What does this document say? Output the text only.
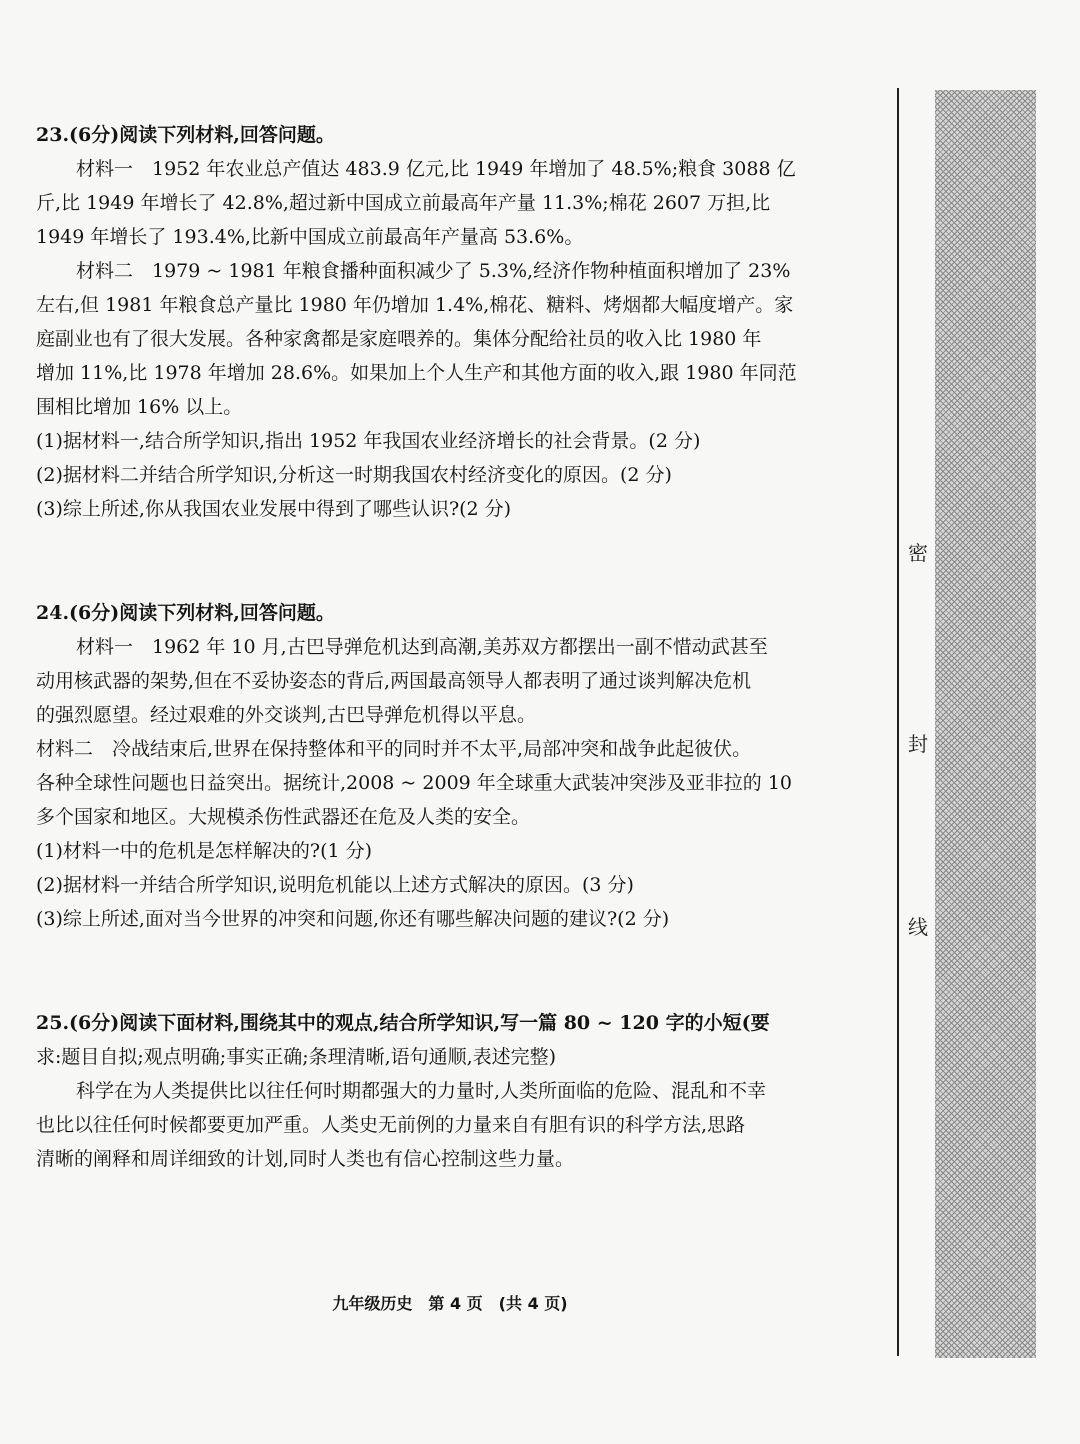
23.(6分)阅读下列材料,回答问题。
材料一　1952 年农业总产值达 483.9 亿元,比 1949 年增加了 48.5%;粮食 3088 亿
斤,比 1949 年增长了 42.8%,超过新中国成立前最高年产量 11.3%;棉花 2607 万担,比
1949 年增长了 193.4%,比新中国成立前最高年产量高 53.6%。
材料二　1979 ~ 1981 年粮食播种面积减少了 5.3%,经济作物种植面积增加了 23%
左右,但 1981 年粮食总产量比 1980 年仍增加 1.4%,棉花、糖料、烤烟都大幅度增产。家
庭副业也有了很大发展。各种家禽都是家庭喂养的。集体分配给社员的收入比 1980 年
增加 11%,比 1978 年增加 28.6%。如果加上个人生产和其他方面的收入,跟 1980 年同范
围相比增加 16% 以上。
(1)据材料一,结合所学知识,指出 1952 年我国农业经济增长的社会背景。(2 分)
(2)据材料二并结合所学知识,分析这一时期我国农村经济变化的原因。(2 分)
(3)综上所述,你从我国农业发展中得到了哪些认识?(2 分)
24.(6分)阅读下列材料,回答问题。
材料一　1962 年 10 月,古巴导弹危机达到高潮,美苏双方都摆出一副不惜动武甚至
动用核武器的架势,但在不妥协姿态的背后,两国最高领导人都表明了通过谈判解决危机
的强烈愿望。经过艰难的外交谈判,古巴导弹危机得以平息。
材料二　冷战结束后,世界在保持整体和平的同时并不太平,局部冲突和战争此起彼伏。
各种全球性问题也日益突出。据统计,2008 ~ 2009 年全球重大武装冲突涉及亚非拉的 10
多个国家和地区。大规模杀伤性武器还在危及人类的安全。
(1)材料一中的危机是怎样解决的?(1 分)
(2)据材料一并结合所学知识,说明危机能以上述方式解决的原因。(3 分)
(3)综上所述,面对当今世界的冲突和问题,你还有哪些解决问题的建议?(2 分)
25.(6分)阅读下面材料,围绕其中的观点,结合所学知识,写一篇 80 ~ 120 字的小短(要
求:题目自拟;观点明确;事实正确;条理清晰,语句通顺,表述完整)
科学在为人类提供比以往任何时期都强大的力量时,人类所面临的危险、混乱和不幸
也比以往任何时候都要更加严重。人类史无前例的力量来自有胆有识的科学方法,思路
清晰的阐释和周详细致的计划,同时人类也有信心控制这些力量。
密
封
线
九年级历史　第 4 页　(共 4 页)
